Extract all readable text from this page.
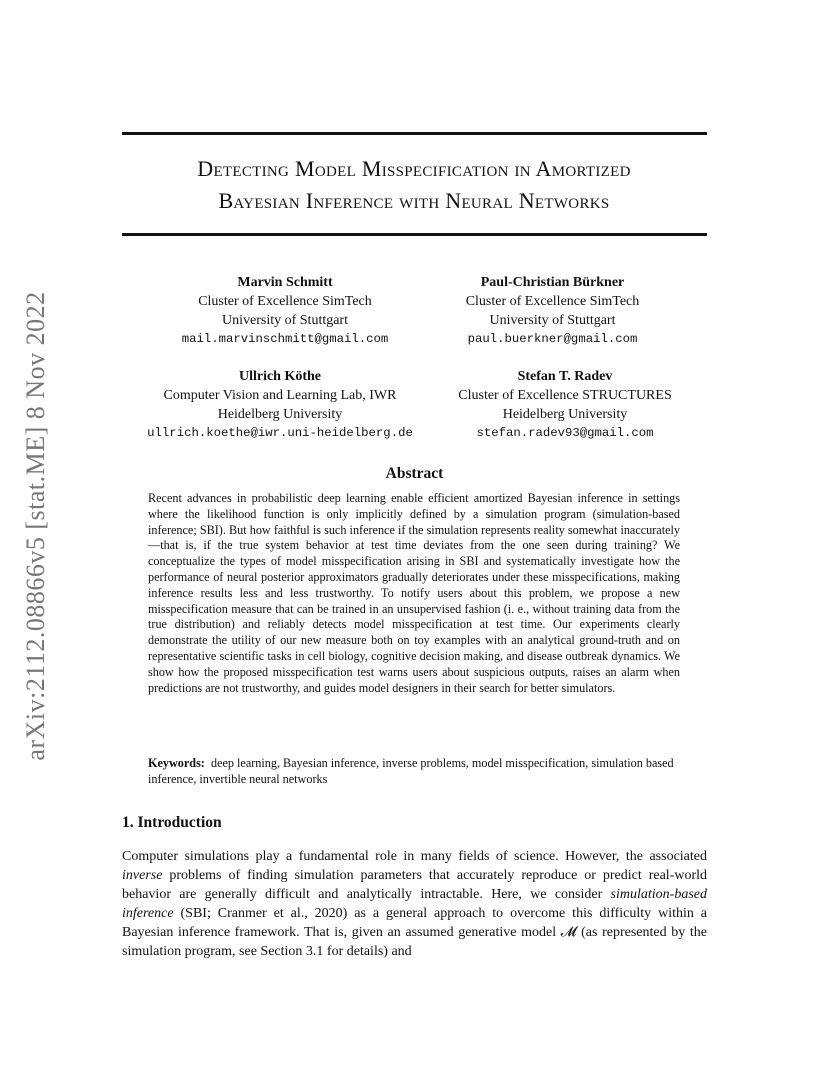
arXiv:2112.08866v5 [stat.ME] 8 Nov 2022
Detecting Model Misspecification in Amortized
Bayesian Inference with Neural Networks
Marvin Schmitt
Cluster of Excellence SimTech
University of Stuttgart
mail.marvinschmitt@gmail.com
Paul-Christian Bürkner
Cluster of Excellence SimTech
University of Stuttgart
paul.buerkner@gmail.com
Ullrich Köthe
Computer Vision and Learning Lab, IWR
Heidelberg University
ullrich.koethe@iwr.uni-heidelberg.de
Stefan T. Radev
Cluster of Excellence STRUCTURES
Heidelberg University
stefan.radev93@gmail.com
Abstract
Recent advances in probabilistic deep learning enable efficient amortized Bayesian inference in settings where the likelihood function is only implicitly defined by a simulation program (simulation-based inference; SBI). But how faithful is such inference if the simulation represents reality somewhat inaccurately—that is, if the true system behavior at test time deviates from the one seen during training? We conceptualize the types of model misspecification arising in SBI and systematically investigate how the performance of neural posterior approximators gradually deteriorates under these misspecifications, making inference results less and less trustworthy. To notify users about this problem, we propose a new misspecification measure that can be trained in an unsupervised fashion (i. e., without training data from the true distribution) and reliably detects model misspecification at test time. Our experiments clearly demonstrate the utility of our new measure both on toy examples with an analytical ground-truth and on representative scientific tasks in cell biology, cognitive decision making, and disease outbreak dynamics. We show how the proposed misspecification test warns users about suspicious outputs, raises an alarm when predictions are not trustworthy, and guides model designers in their search for better simulators.
Keywords: deep learning, Bayesian inference, inverse problems, model misspecification, simulation based inference, invertible neural networks
1. Introduction
Computer simulations play a fundamental role in many fields of science. However, the associated inverse problems of finding simulation parameters that accurately reproduce or predict real-world behavior are generally difficult and analytically intractable. Here, we consider simulation-based inference (SBI; Cranmer et al., 2020) as a general approach to overcome this difficulty within a Bayesian inference framework. That is, given an assumed generative model 𝓜 (as represented by the simulation program, see Section 3.1 for details) and
